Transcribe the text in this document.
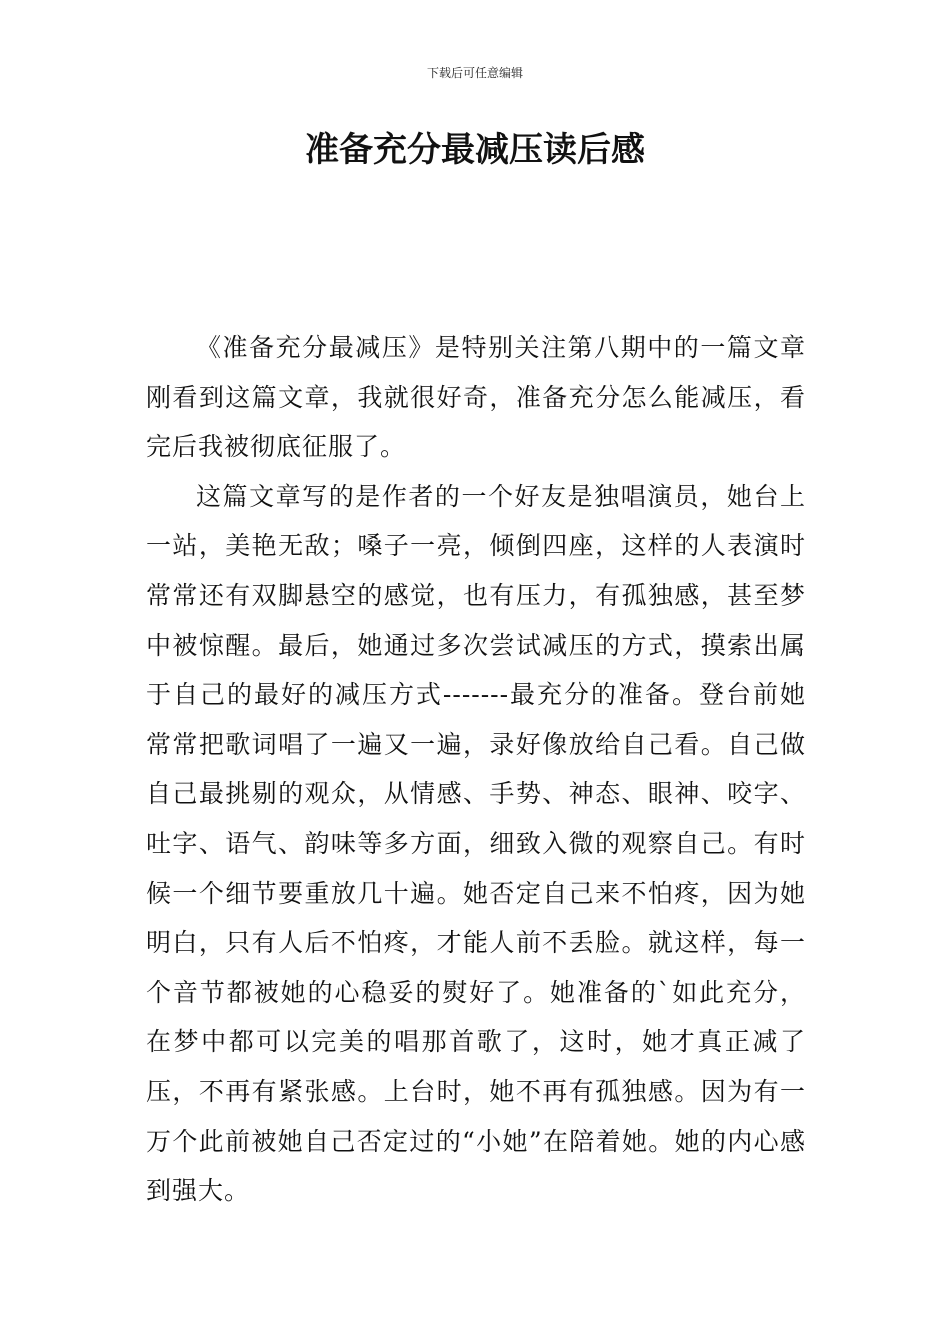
下载后可任意编辑
准备充分最减压读后感

《准备充分最减压》是特别关注第八期中的一篇文章刚看到这篇文章，我就很好奇，准备充分怎么能减压，看完后我被彻底征服了。

这篇文章写的是作者的一个好友是独唱演员，她台上一站，美艳无敌；嗓子一亮，倾倒四座，这样的人表演时常常还有双脚悬空的感觉，也有压力，有孤独感，甚至梦中被惊醒。最后，她通过多次尝试减压的方式，摸索出属于自己的最好的减压方式-------最充分的准备。登台前她常常把歌词唱了一遍又一遍，录好像放给自己看。自己做自己最挑剔的观众，从情感、手势、神态、眼神、咬字、吐字、语气、韵味等多方面，细致入微的观察自己。有时候一个细节要重放几十遍。她否定自己来不怕疼，因为她明白，只有人后不怕疼，才能人前不丢脸。就这样，每一个音节都被她的心稳妥的熨好了。她准备的`如此充分，在梦中都可以完美的唱那首歌了，这时，她才真正减了压，不再有紧张感。上台时，她不再有孤独感。因为有一万个此前被她自己否定过的“小她”在陪着她。她的内心感到强大。
